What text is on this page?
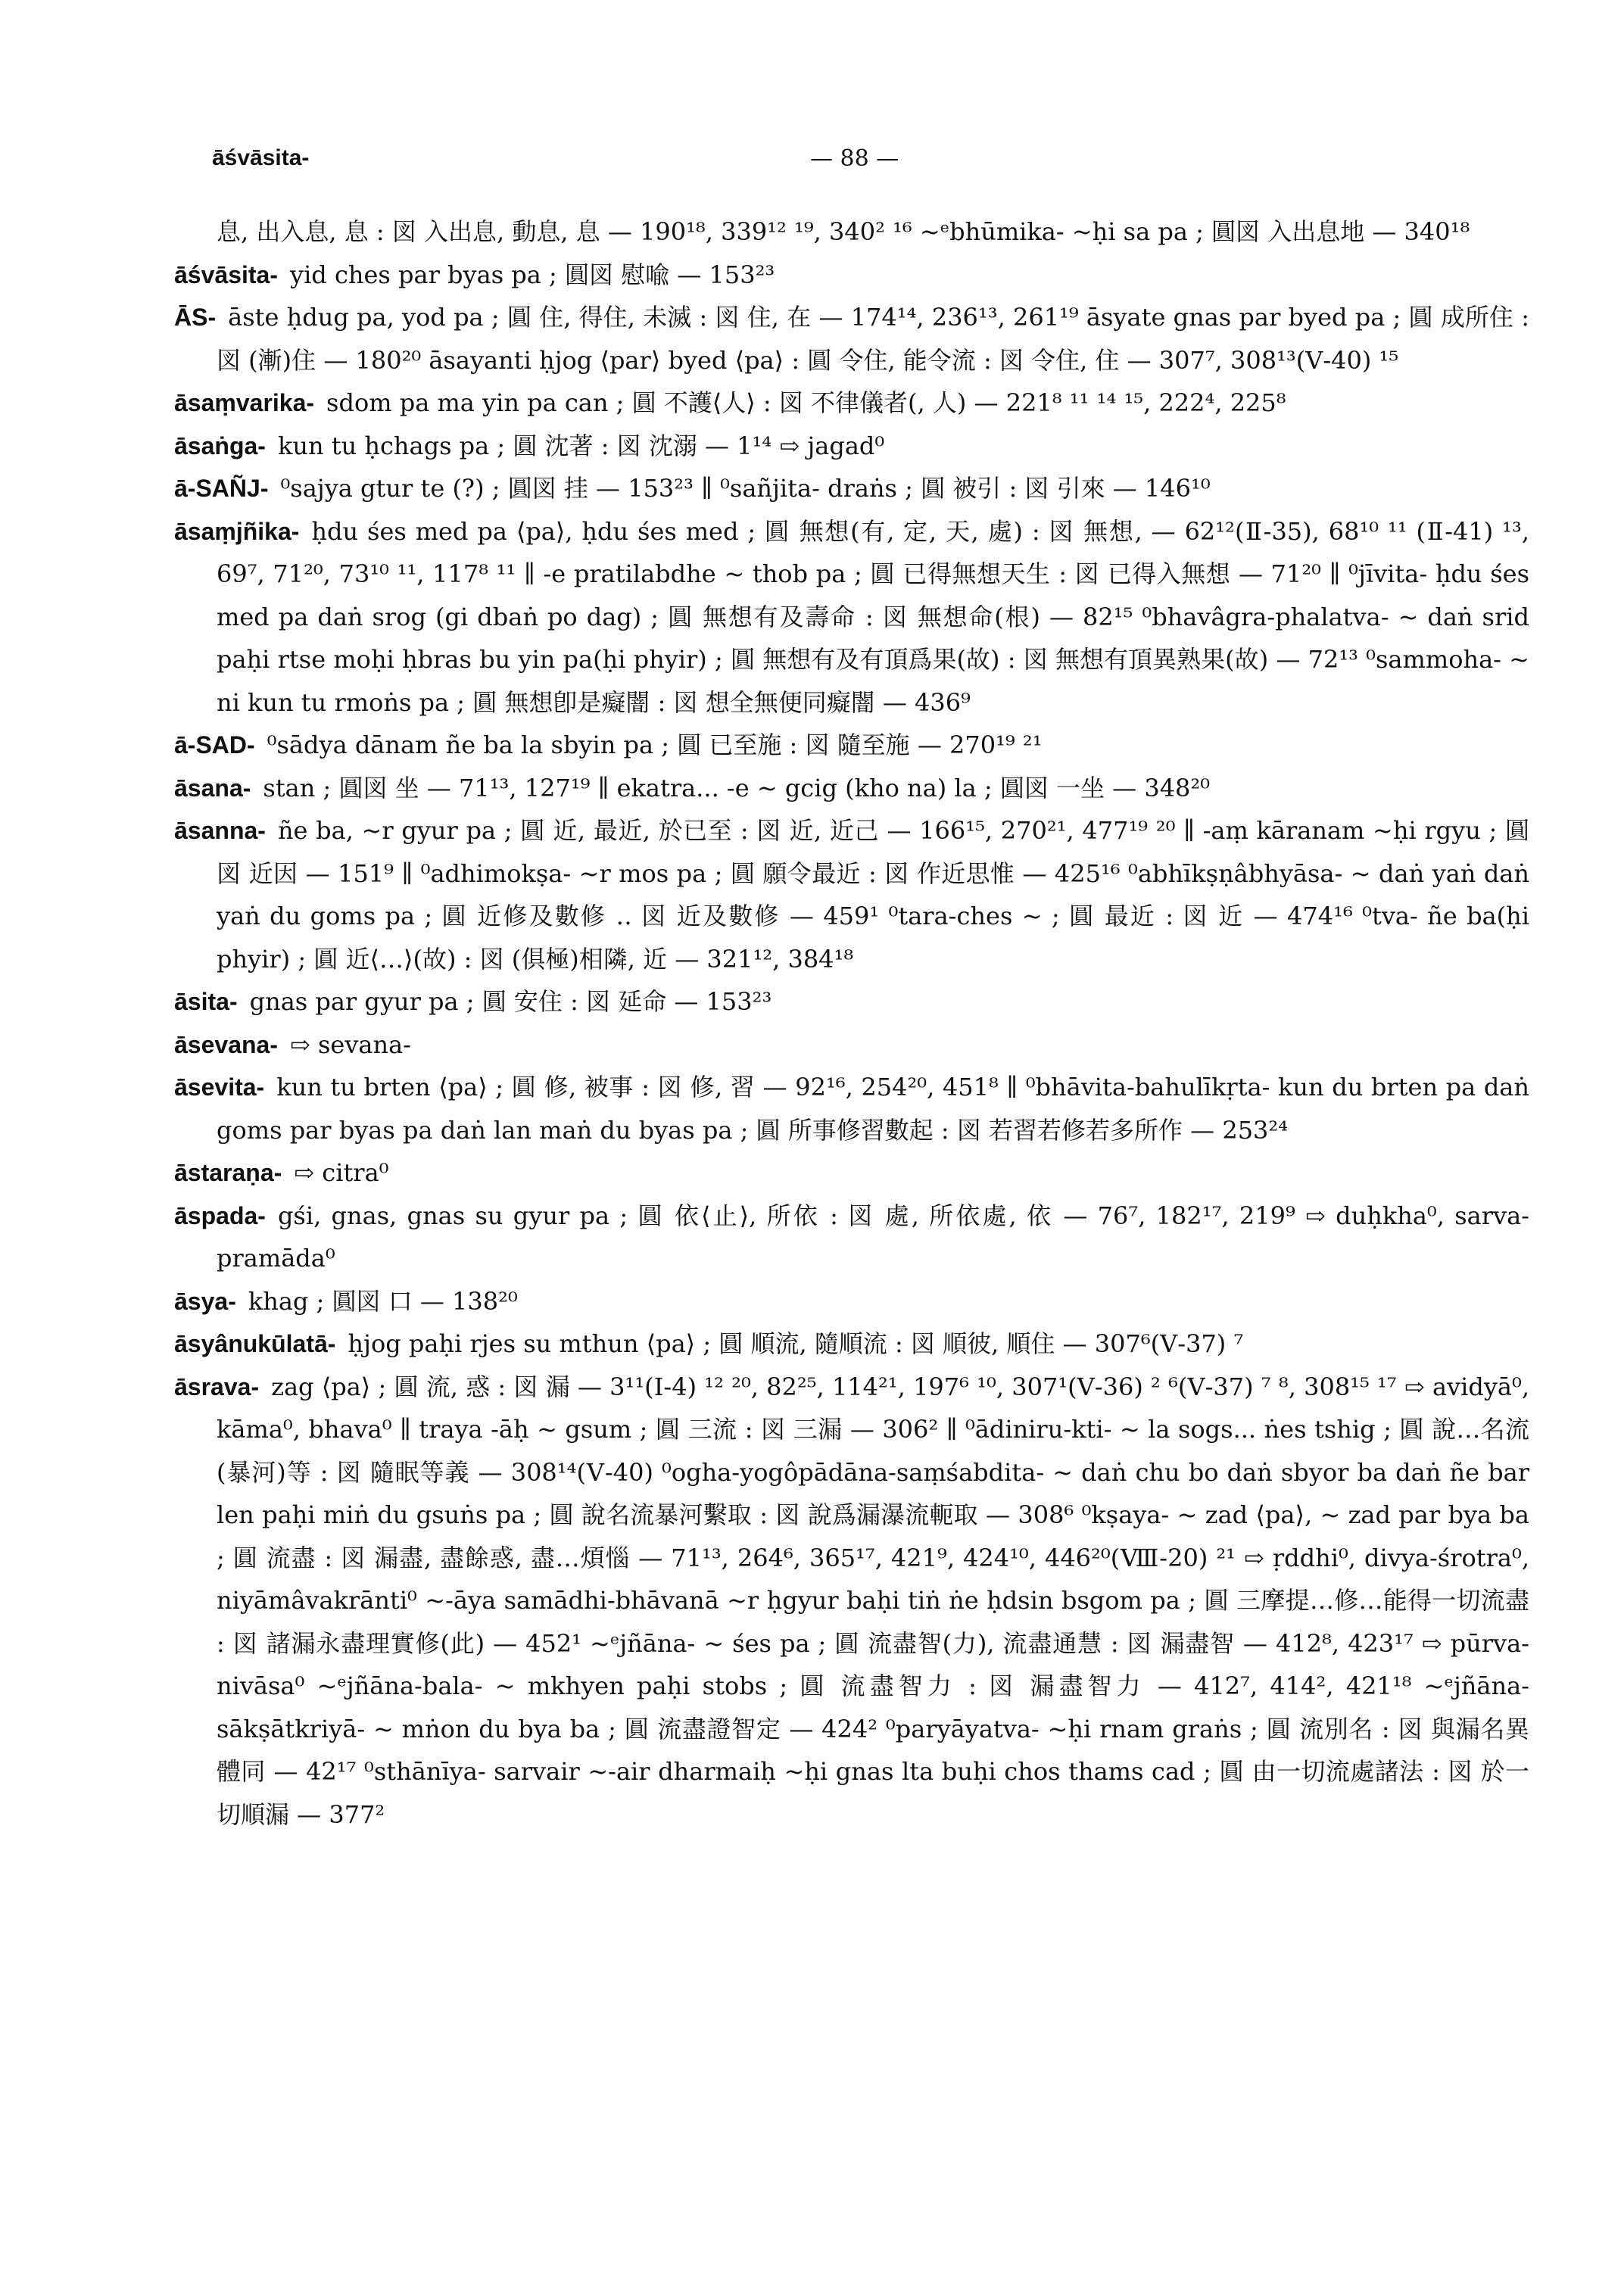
āśvāsita-	— 88 —

息, 出入息, 息 : 図 入出息, 動息, 息 — 190¹⁸, 339¹² ¹⁹, 340² ¹⁶ ~ᵉbhūmika- ~ḥi sa pa ; 圓図 入出息地 — 340¹⁸

āśvāsita- yid ches par byas pa ; 圓図 慰喩 — 153²³

ĀS- āste ḥdug pa, yod pa ; 圓 住, 得住, 未滅 : 図 住, 在 — 174¹⁴, 236¹³, 261¹⁹ āsyate gnas par byed pa ; 圓 成所住 : 図 (漸)住 — 180²⁰ āsayanti ḥjog ⟨par⟩ byed ⟨pa⟩ : 圓 令住, 能令流 : 図 令住, 住 — 307⁷, 308¹³(Ⅴ-40) ¹⁵

āsaṃvarika- sdom pa ma yin pa can ; 圓 不護⟨人⟩ : 図 不律儀者(, 人) — 221⁸ ¹¹ ¹⁴ ¹⁵, 222⁴, 225⁸

āsaṅga- kun tu ḥchags pa ; 圓 沈著 : 図 沈溺 — 1¹⁴ ⇨ jagad⁰

ā-SAÑJ- ⁰sajya gtur te (?) ; 圓図 挂 — 153²³ ∥ ⁰sañjita- draṅs ; 圓 被引 : 図 引來 — 146¹⁰

āsaṃjñika- ḥdu śes med pa ⟨pa⟩, ḥdu śes med ; 圓 無想(有, 定, 天, 處) : 図 無想, — 62¹²(Ⅱ-35), 68¹⁰ ¹¹ (Ⅱ-41) ¹³, 69⁷, 71²⁰, 73¹⁰ ¹¹, 117⁸ ¹¹ ∥ -e pratilabdhe ~ thob pa ; 圓 已得無想天生 : 図 已得入無想 — 71²⁰ ∥ ⁰jīvita- ḥdu śes med pa daṅ srog (gi dbaṅ po dag) ; 圓 無想有及壽命 : 図 無想命(根) — 82¹⁵ ⁰bhavâgra-phalatva- ~ daṅ srid paḥi rtse moḥi ḥbras bu yin pa(ḥi phyir) ; 圓 無想有及有頂爲果(故) : 図 無想有頂異熟果(故) — 72¹³ ⁰sammoha- ~ ni kun tu rmoṅs pa ; 圓 無想卽是癡闇 : 図 想全無便同癡闇 — 436⁹

ā-SAD- ⁰sādya dānam ñe ba la sbyin pa ; 圓 已至施 : 図 隨至施 — 270¹⁹ ²¹

āsana- stan ; 圓図 坐 — 71¹³, 127¹⁹ ∥ ekatra... -e ~ gcig (kho na) la ; 圓図 一坐 — 348²⁰

āsanna- ñe ba, ~r gyur pa ; 圓 近, 最近, 於已至 : 図 近, 近己 — 166¹⁵, 270²¹, 477¹⁹ ²⁰ ∥ -aṃ kāranam ~ḥi rgyu ; 圓図 近因 — 151⁹ ∥ ⁰adhimokṣa- ~r mos pa ; 圓 願令最近 : 図 作近思惟 — 425¹⁶ ⁰abhīkṣṇâbhyāsa- ~ daṅ yaṅ daṅ yaṅ du goms pa ; 圓 近修及數修 ‥ 図 近及數修 — 459¹ ⁰tara-ches ~ ; 圓 最近 : 図 近 — 474¹⁶ ⁰tva- ñe ba(ḥi phyir) ; 圓 近⟨…⟩(故) : 図 (俱極)相隣, 近 — 321¹², 384¹⁸

āsita- gnas par gyur pa ; 圓 安住 : 図 延命 — 153²³

āsevana- ⇨ sevana-

āsevita- kun tu brten ⟨pa⟩ ; 圓 修, 被事 : 図 修, 習 — 92¹⁶, 254²⁰, 451⁸ ∥ ⁰bhāvita-bahulīkṛta- kun du brten pa daṅ goms par byas pa daṅ lan maṅ du byas pa ; 圓 所事修習數起 : 図 若習若修若多所作 — 253²⁴

āstaraṇa- ⇨ citra⁰

āspada- gśi, gnas, gnas su gyur pa ; 圓 依⟨止⟩, 所依 : 図 處, 所依處, 依 — 76⁷, 182¹⁷, 219⁹ ⇨ duḥkha⁰, sarva-pramāda⁰

āsya- khag ; 圓図 口 — 138²⁰

āsyânukūlatā- ḥjog paḥi rjes su mthun ⟨pa⟩ ; 圓 順流, 隨順流 : 図 順彼, 順住 — 307⁶(Ⅴ-37) ⁷

āsrava- zag ⟨pa⟩ ; 圓 流, 惑 : 図 漏 — 3¹¹(Ⅰ-4) ¹² ²⁰, 82²⁵, 114²¹, 197⁶ ¹⁰, 307¹(Ⅴ-36) ² ⁶(Ⅴ-37) ⁷ ⁸, 308¹⁵ ¹⁷ ⇨ avidyā⁰, kāma⁰, bhava⁰ ∥ traya -āḥ ~ gsum ; 圓 三流 : 図 三漏 — 306² ∥ ⁰ādiniru-kti- ~ la sogs... ṅes tshig ; 圓 說…名流(暴河)等 : 図 隨眠等義 — 308¹⁴(Ⅴ-40) ⁰ogha-yogôpādāna-saṃśabdita- ~ daṅ chu bo daṅ sbyor ba daṅ ñe bar len paḥi miṅ du gsuṅs pa ; 圓 說名流暴河繫取 : 図 說爲漏瀑流軛取 — 308⁶ ⁰kṣaya- ~ zad ⟨pa⟩, ~ zad par bya ba ; 圓 流盡 : 図 漏盡, 盡餘惑, 盡…煩惱 — 71¹³, 264⁶, 365¹⁷, 421⁹, 424¹⁰, 446²⁰(Ⅷ-20) ²¹ ⇨ ṛddhi⁰, divya-śrotra⁰, niyāmâvakrānti⁰ ~-āya samādhi-bhāvanā ~r ḥgyur baḥi tiṅ ṅe ḥdsin bsgom pa ; 圓 三摩提…修…能得一切流盡 : 図 諸漏永盡理實修(此) — 452¹ ~ᵉjñāna- ~ śes pa ; 圓 流盡智(力), 流盡通慧 : 図 漏盡智 — 412⁸, 423¹⁷ ⇨ pūrva-nivāsa⁰ ~ᵉjñāna-bala- ~ mkhyen paḥi stobs ; 圓 流盡智力 : 図 漏盡智力 — 412⁷, 414², 421¹⁸ ~ᵉjñāna-sākṣātkriyā- ~ mṅon du bya ba ; 圓 流盡證智定 — 424² ⁰paryāyatva- ~ḥi rnam graṅs ; 圓 流別名 : 図 與漏名異體同 — 42¹⁷ ⁰sthānīya- sarvair ~-air dharmaiḥ ~ḥi gnas lta buḥi chos thams cad ; 圓 由一切流處諸法 : 図 於一切順漏 — 377²
